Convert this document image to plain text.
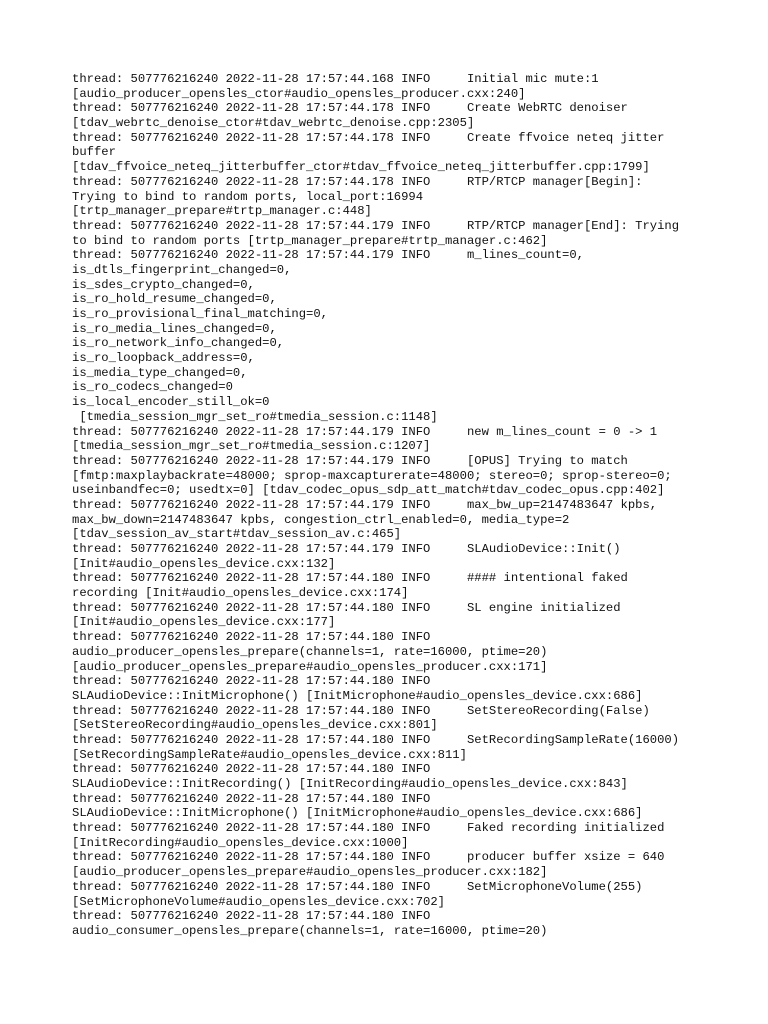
thread: 507776216240 2022-11-28 17:57:44.168 INFO     Initial mic mute:1
[audio_producer_opensles_ctor#audio_opensles_producer.cxx:240]
thread: 507776216240 2022-11-28 17:57:44.178 INFO     Create WebRTC denoiser
[tdav_webrtc_denoise_ctor#tdav_webrtc_denoise.cpp:2305]
thread: 507776216240 2022-11-28 17:57:44.178 INFO     Create ffvoice neteq jitter
buffer
[tdav_ffvoice_neteq_jitterbuffer_ctor#tdav_ffvoice_neteq_jitterbuffer.cpp:1799]
thread: 507776216240 2022-11-28 17:57:44.178 INFO     RTP/RTCP manager[Begin]:
Trying to bind to random ports, local_port:16994
[trtp_manager_prepare#trtp_manager.c:448]
thread: 507776216240 2022-11-28 17:57:44.179 INFO     RTP/RTCP manager[End]: Trying
to bind to random ports [trtp_manager_prepare#trtp_manager.c:462]
thread: 507776216240 2022-11-28 17:57:44.179 INFO     m_lines_count=0,
is_dtls_fingerprint_changed=0,
is_sdes_crypto_changed=0,
is_ro_hold_resume_changed=0,
is_ro_provisional_final_matching=0,
is_ro_media_lines_changed=0,
is_ro_network_info_changed=0,
is_ro_loopback_address=0,
is_media_type_changed=0,
is_ro_codecs_changed=0
is_local_encoder_still_ok=0
[tmedia_session_mgr_set_ro#tmedia_session.c:1148]
thread: 507776216240 2022-11-28 17:57:44.179 INFO     new m_lines_count = 0 -> 1
[tmedia_session_mgr_set_ro#tmedia_session.c:1207]
thread: 507776216240 2022-11-28 17:57:44.179 INFO     [OPUS] Trying to match
[fmtp:maxplaybackrate=48000; sprop-maxcapturerate=48000; stereo=0; sprop-stereo=0;
useinbandfec=0; usedtx=0] [tdav_codec_opus_sdp_att_match#tdav_codec_opus.cpp:402]
thread: 507776216240 2022-11-28 17:57:44.179 INFO     max_bw_up=2147483647 kpbs,
max_bw_down=2147483647 kpbs, congestion_ctrl_enabled=0, media_type=2
[tdav_session_av_start#tdav_session_av.c:465]
thread: 507776216240 2022-11-28 17:57:44.179 INFO     SLAudioDevice::Init()
[Init#audio_opensles_device.cxx:132]
thread: 507776216240 2022-11-28 17:57:44.180 INFO     #### intentional faked
recording [Init#audio_opensles_device.cxx:174]
thread: 507776216240 2022-11-28 17:57:44.180 INFO     SL engine initialized
[Init#audio_opensles_device.cxx:177]
thread: 507776216240 2022-11-28 17:57:44.180 INFO
audio_producer_opensles_prepare(channels=1, rate=16000, ptime=20)
[audio_producer_opensles_prepare#audio_opensles_producer.cxx:171]
thread: 507776216240 2022-11-28 17:57:44.180 INFO
SLAudioDevice::InitMicrophone() [InitMicrophone#audio_opensles_device.cxx:686]
thread: 507776216240 2022-11-28 17:57:44.180 INFO     SetStereoRecording(False)
[SetStereoRecording#audio_opensles_device.cxx:801]
thread: 507776216240 2022-11-28 17:57:44.180 INFO     SetRecordingSampleRate(16000)
[SetRecordingSampleRate#audio_opensles_device.cxx:811]
thread: 507776216240 2022-11-28 17:57:44.180 INFO
SLAudioDevice::InitRecording() [InitRecording#audio_opensles_device.cxx:843]
thread: 507776216240 2022-11-28 17:57:44.180 INFO
SLAudioDevice::InitMicrophone() [InitMicrophone#audio_opensles_device.cxx:686]
thread: 507776216240 2022-11-28 17:57:44.180 INFO     Faked recording initialized
[InitRecording#audio_opensles_device.cxx:1000]
thread: 507776216240 2022-11-28 17:57:44.180 INFO     producer buffer xsize = 640
[audio_producer_opensles_prepare#audio_opensles_producer.cxx:182]
thread: 507776216240 2022-11-28 17:57:44.180 INFO     SetMicrophoneVolume(255)
[SetMicrophoneVolume#audio_opensles_device.cxx:702]
thread: 507776216240 2022-11-28 17:57:44.180 INFO
audio_consumer_opensles_prepare(channels=1, rate=16000, ptime=20)
